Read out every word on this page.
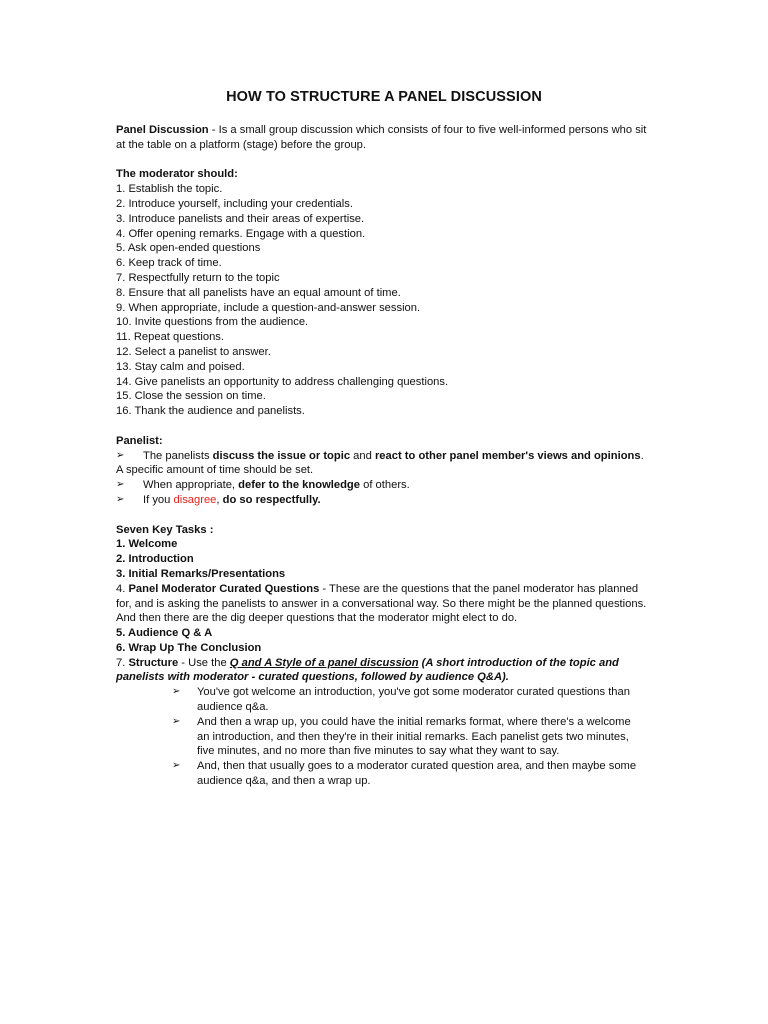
HOW TO STRUCTURE A PANEL DISCUSSION

Panel Discussion - Is a small group discussion which consists of four to five well-informed persons who sit at the table on a platform (stage) before the group.

The moderator should:

1. Establish the topic.

2. Introduce yourself, including your credentials.

3. Introduce panelists and their areas of expertise.

4. Offer opening remarks. Engage with a question.

5. Ask open-ended questions

6. Keep track of time.

7. Respectfully return to the topic

8. Ensure that all panelists have an equal amount of time.

9. When appropriate, include a question-and-answer session.

10. Invite questions from the audience.

11. Repeat questions.

12. Select a panelist to answer.

13. Stay calm and poised.

14. Give panelists an opportunity to address challenging questions.

15. Close the session on time.

16. Thank the audience and panelists.

Panelist:

➢	The panelists discuss the issue or topic and react to other panel member's views and opinions.

A specific amount of time should be set.

➢	When appropriate, defer to the knowledge of others.
➢	If you disagree, do so respectfully.

Seven Key Tasks :

1. Welcome

2. Introduction

3. Initial Remarks/Presentations

4. Panel Moderator Curated Questions - These are the questions that the panel moderator has planned for, and is asking the panelists to answer in a conversational way. So there might be the planned questions. And then there are the dig deeper questions that the moderator might elect to do.

5. Audience Q & A

6. Wrap Up The Conclusion

7. Structure - Use the Q and A Style of a panel discussion (A short introduction of the topic and panelists with moderator - curated questions, followed by audience Q&A).

➢	You've got welcome an introduction, you've got some moderator curated questions than audience q&a.
➢	And then a wrap up, you could have the initial remarks format, where there's a welcome an introduction, and then they're in their initial remarks. Each panelist gets two minutes, five minutes, and no more than five minutes to say what they want to say.
➢	And, then that usually goes to a moderator curated question area, and then maybe some audience q&a, and then a wrap up.
